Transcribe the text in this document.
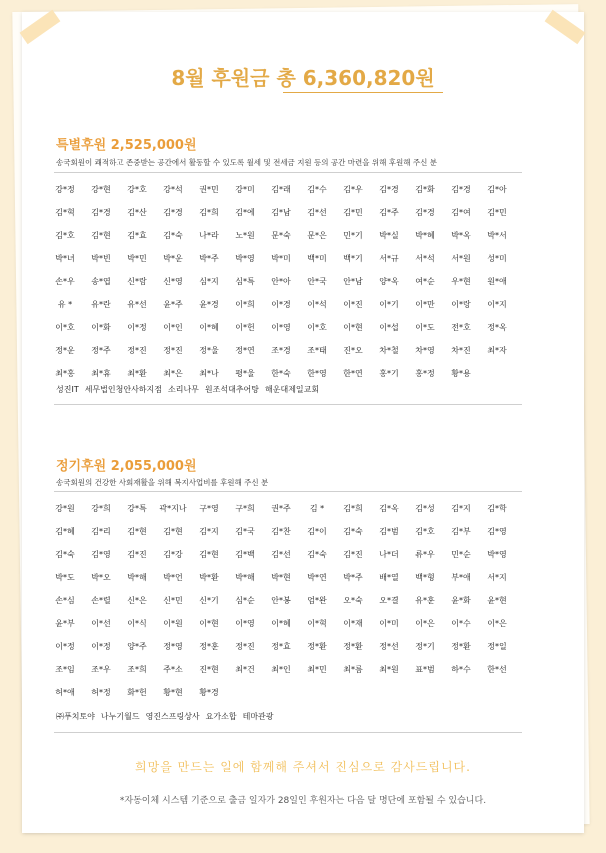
8월 후원금 총 6,360,820원
특별후원 2,525,000원
송국회원이 쾌적하고 존중받는 공간에서 활동할 수 있도록 월세 및 전세금 지원 등의 공간 마련을 위해 후원해 주신 분
강*정	강*현	강*호	강*석	권*민	강*미	김*래	김*수	김*우	김*경	김*화	김*경	김*아
김*혁	김*경	김*산	김*경	김*희	김*에	김*남	김*선	김*민	김*주	김*경	김*여	김*민
김*호	김*현	김*효	김*숙	나*라	노*원	문*숙	문*은	민*기	박*실	박*혜	박*옥	박*서
박*녀	박*빈	박*민	박*운	박*주	박*영	박*미	백*미	백*기	서*규	서*석	서*원	성*미
손*우	송*엽	신*람	신*영	심*지	심*특	안*아	안*국	안*남	양*옥	여*순	우*현	원*애
유 *	유*란	유*선	윤*주	윤*경	이*희	이*경	이*석	이*진	이*기	이*만	이*랑	이*지
이*호	이*화	이*정	이*인	이*혜	이*헌	이*영	이*호	이*현	이*섭	이*도	전*호	정*옥
정*운	정*주	정*진	정*진	정*울	정*연	조*경	조*태	진*오	차*철	차*영	차*진	최*자
최*홍	최*휴	최*환	최*은	최*나	평*울	한*숙	한*영	한*연	홍*기	홍*정	황*용
성진IT 세무법인청안사하지점 소리나무 원조석대추어탕 해운대제일교회
정기후원 2,055,000원
송국회원의 건강한 사회재활을 위해 복지사업비를 후원해 주신 분
강*원	강*희	강*특	곽*지나	구*영	구*희	권*주	김 *	김*희	김*옥	김*성	김*지	김*학
김*혜	김*리	김*현	김*현	김*지	김*국	김*찬	김*이	김*숙	김*범	김*호	김*부	김*영
김*숙	김*영	김*진	김*강	김*현	김*백	김*선	김*숙	김*진	나*더	류*우	민*순	박*영
박*도	박*오	박*해	박*언	박*환	박*해	박*현	박*연	박*주	배*열	백*형	부*애	서*지
손*심	손*렬	신*은	신*민	신*기	심*순	안*봉	엄*완	오*숙	오*결	유*훈	윤*화	윤*현
윤*부	이*선	이*식	이*원	이*현	이*영	이*혜	이*혁	이*재	이*미	이*은	이*수	이*은
이*정	이*정	양*주	정*영	정*훈	정*진	정*효	정*환	정*환	정*선	정*기	정*환	정*일
조*임	조*우	조*희	주*소	진*현	최*건	최*인	최*민	최*름	최*원	표*범	하*수	한*선
허*애	허*정	화*헌	황*현	황*경
㈜푸치토야 나누기월드 영진스프링상사 요가소합 테마관광
희망을 만드는 일에 함께해 주셔서 진심으로 감사드립니다.
*자동이체 시스템 기준으로 출금 일자가 28일인 후원자는 다음 달 명단에 포함될 수 있습니다.
